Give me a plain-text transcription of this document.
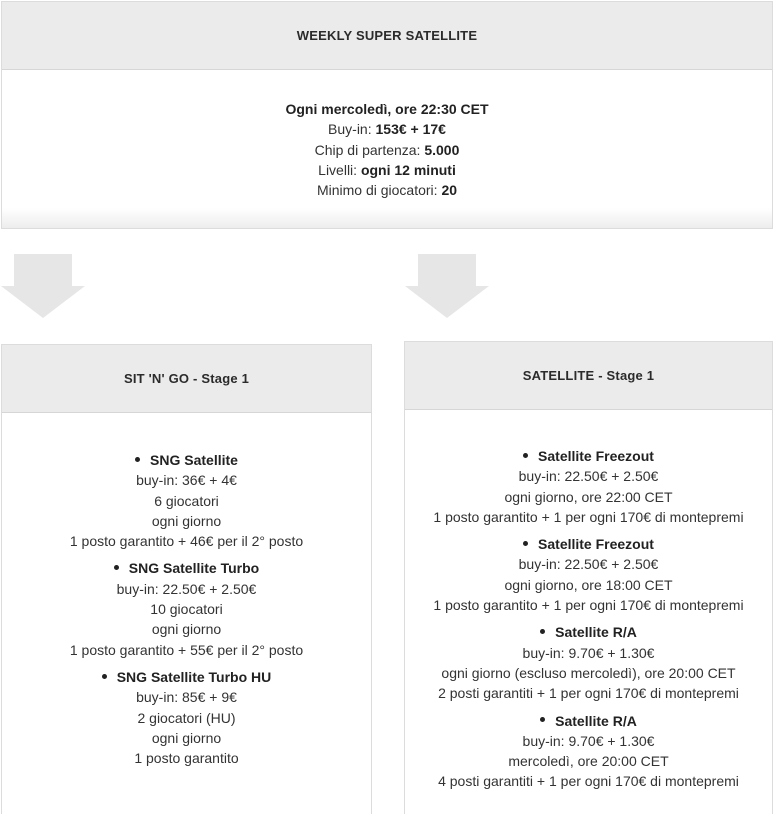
WEEKLY SUPER SATELLITE
Ogni mercoledì, ore 22:30 CET
Buy-in: 153€ + 17€
Chip di partenza: 5.000
Livelli: ogni 12 minuti
Minimo di giocatori: 20
SIT 'N' GO - Stage 1
SNG Satellite
buy-in: 36€ + 4€
6 giocatori
ogni giorno
1 posto garantito + 46€ per il 2° posto
SNG Satellite Turbo
buy-in: 22.50€ + 2.50€
10 giocatori
ogni giorno
1 posto garantito + 55€ per il 2° posto
SNG Satellite Turbo HU
buy-in: 85€ + 9€
2 giocatori (HU)
ogni giorno
1 posto garantito
SATELLITE - Stage 1
Satellite Freezout
buy-in: 22.50€ + 2.50€
ogni giorno, ore 22:00 CET
1 posto garantito + 1 per ogni 170€ di montepremi
Satellite Freezout
buy-in: 22.50€ + 2.50€
ogni giorno, ore 18:00 CET
1 posto garantito + 1 per ogni 170€ di montepremi
Satellite R/A
buy-in: 9.70€ + 1.30€
ogni giorno (escluso mercoledì), ore 20:00 CET
2 posti garantiti + 1 per ogni 170€ di montepremi
Satellite R/A
buy-in: 9.70€ + 1.30€
mercoledì, ore 20:00 CET
4 posti garantiti + 1 per ogni 170€ di montepremi
